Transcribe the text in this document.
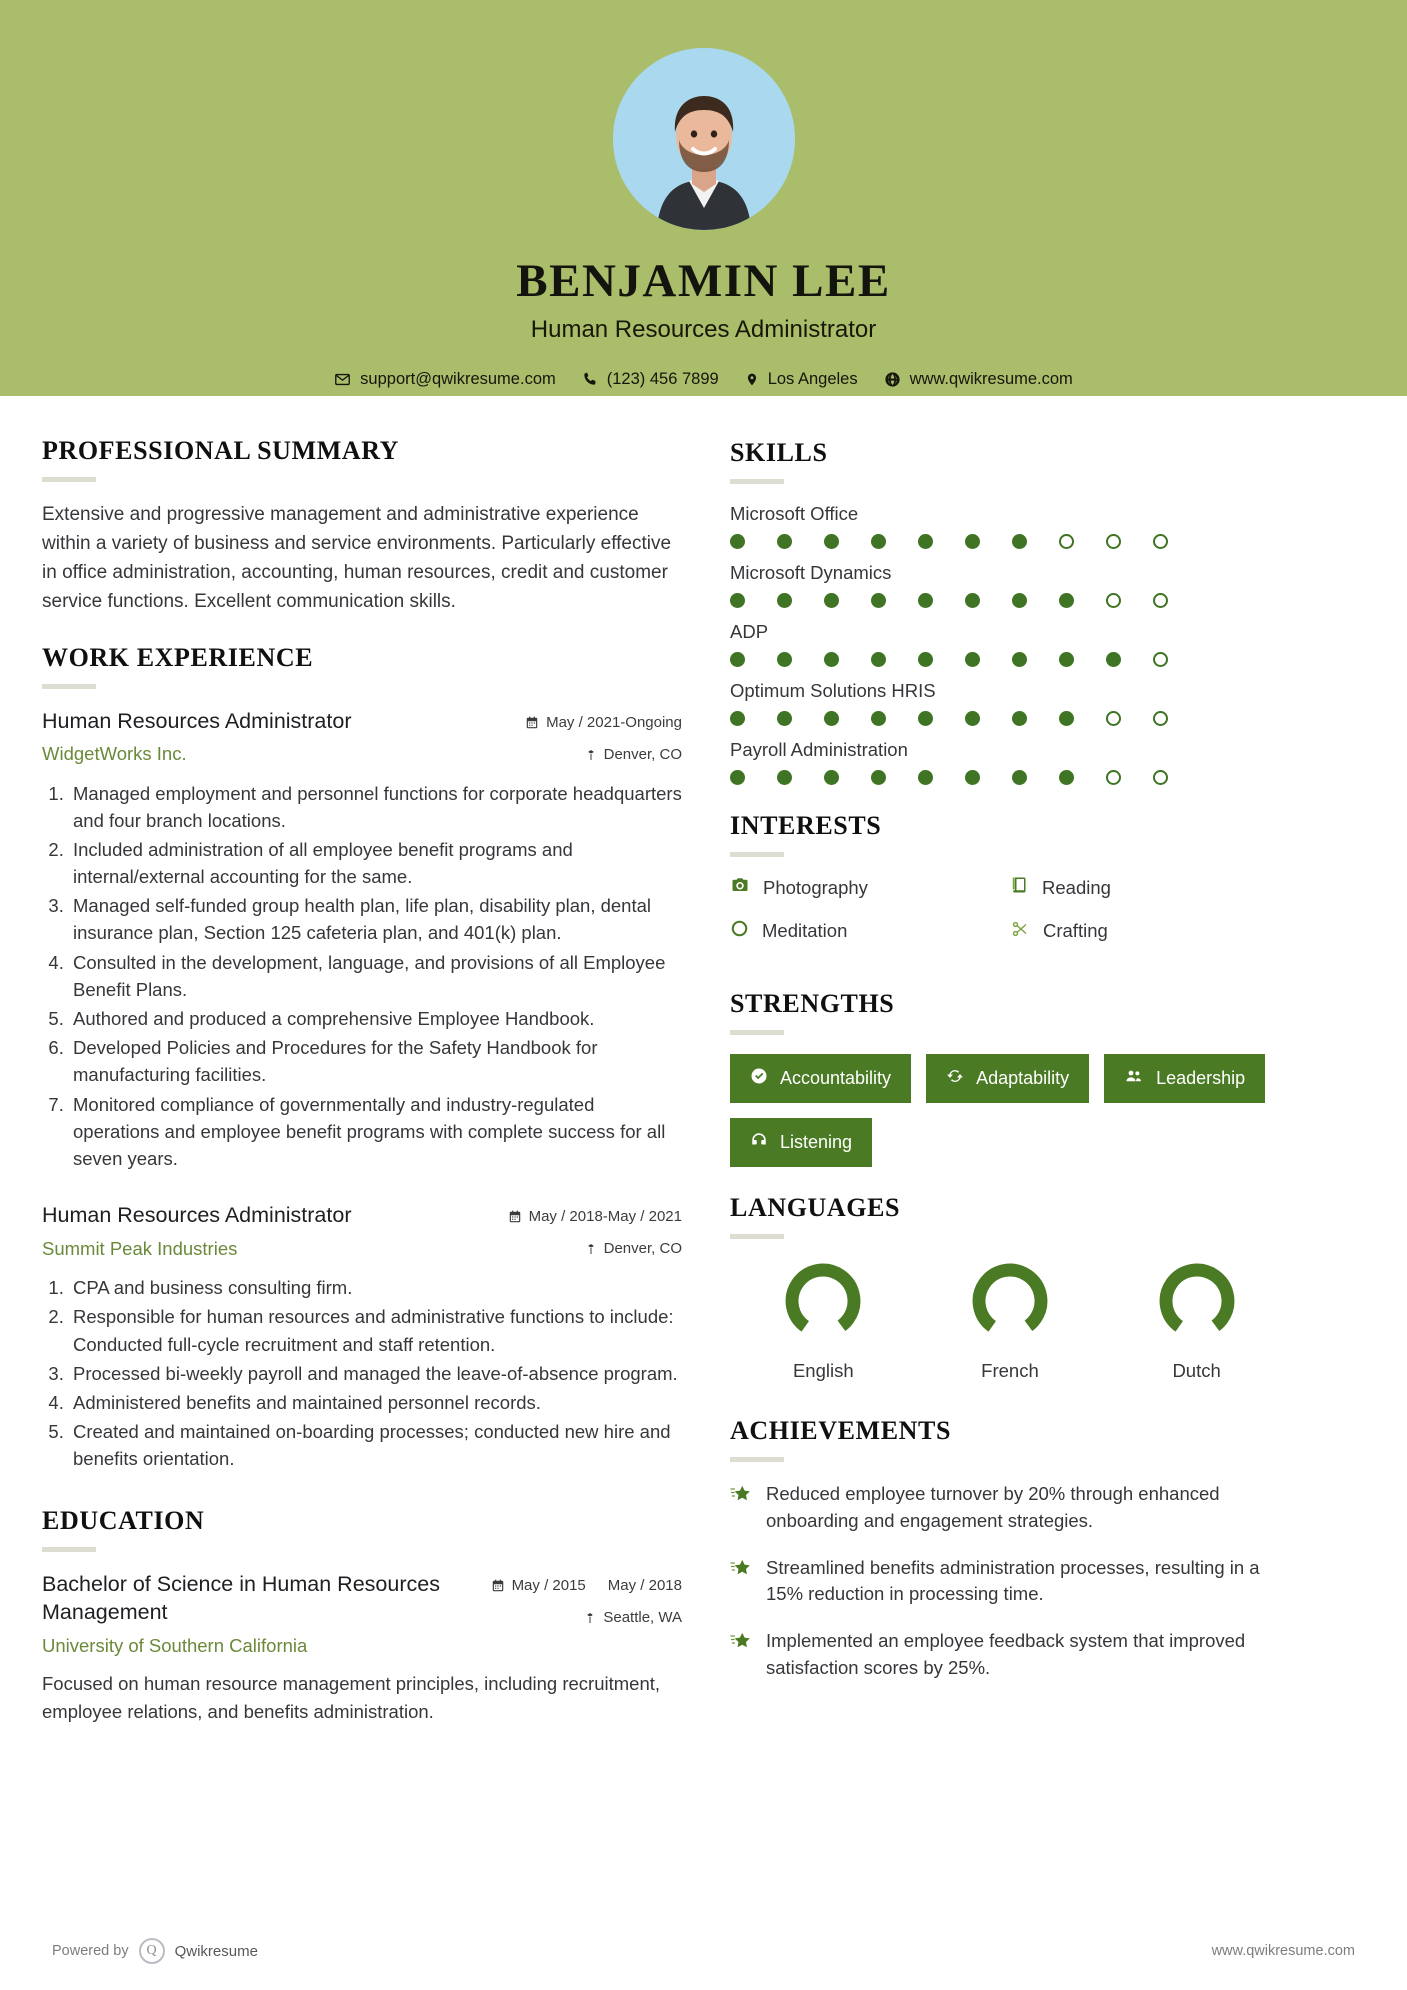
BENJAMIN LEE
Human Resources Administrator
support@qwikresume.com	(123) 456 7899	Los Angeles	www.qwikresume.com
PROFESSIONAL SUMMARY
Extensive and progressive management and administrative experience within a variety of business and service environments. Particularly effective in office administration, accounting, human resources, credit and customer service functions. Excellent communication skills.
WORK EXPERIENCE
Human Resources Administrator
WidgetWorks Inc.
May / 2021-Ongoing
Denver, CO
1. Managed employment and personnel functions for corporate headquarters and four branch locations.
2. Included administration of all employee benefit programs and internal/external accounting for the same.
3. Managed self-funded group health plan, life plan, disability plan, dental insurance plan, Section 125 cafeteria plan, and 401(k) plan.
4. Consulted in the development, language, and provisions of all Employee Benefit Plans.
5. Authored and produced a comprehensive Employee Handbook.
6. Developed Policies and Procedures for the Safety Handbook for manufacturing facilities.
7. Monitored compliance of governmentally and industry-regulated operations and employee benefit programs with complete success for all seven years.
Human Resources Administrator
Summit Peak Industries
May / 2018-May / 2021
Denver, CO
1. CPA and business consulting firm.
2. Responsible for human resources and administrative functions to include: Conducted full-cycle recruitment and staff retention.
3. Processed bi-weekly payroll and managed the leave-of-absence program.
4. Administered benefits and maintained personnel records.
5. Created and maintained on-boarding processes; conducted new hire and benefits orientation.
EDUCATION
Bachelor of Science in Human Resources Management
University of Southern California
May / 2015 May / 2018
Seattle, WA
Focused on human resource management principles, including recruitment, employee relations, and benefits administration.
SKILLS
Microsoft Office
Microsoft Dynamics
ADP
Optimum Solutions HRIS
Payroll Administration
INTERESTS
Photography	Reading
Meditation	Crafting
STRENGTHS
Accountability	Adaptability	Leadership
Listening
LANGUAGES
English	French	Dutch
ACHIEVEMENTS
Reduced employee turnover by 20% through enhanced onboarding and engagement strategies.
Streamlined benefits administration processes, resulting in a 15% reduction in processing time.
Implemented an employee feedback system that improved satisfaction scores by 25%.
Powered by	Q	Qwikresume	www.qwikresume.com
